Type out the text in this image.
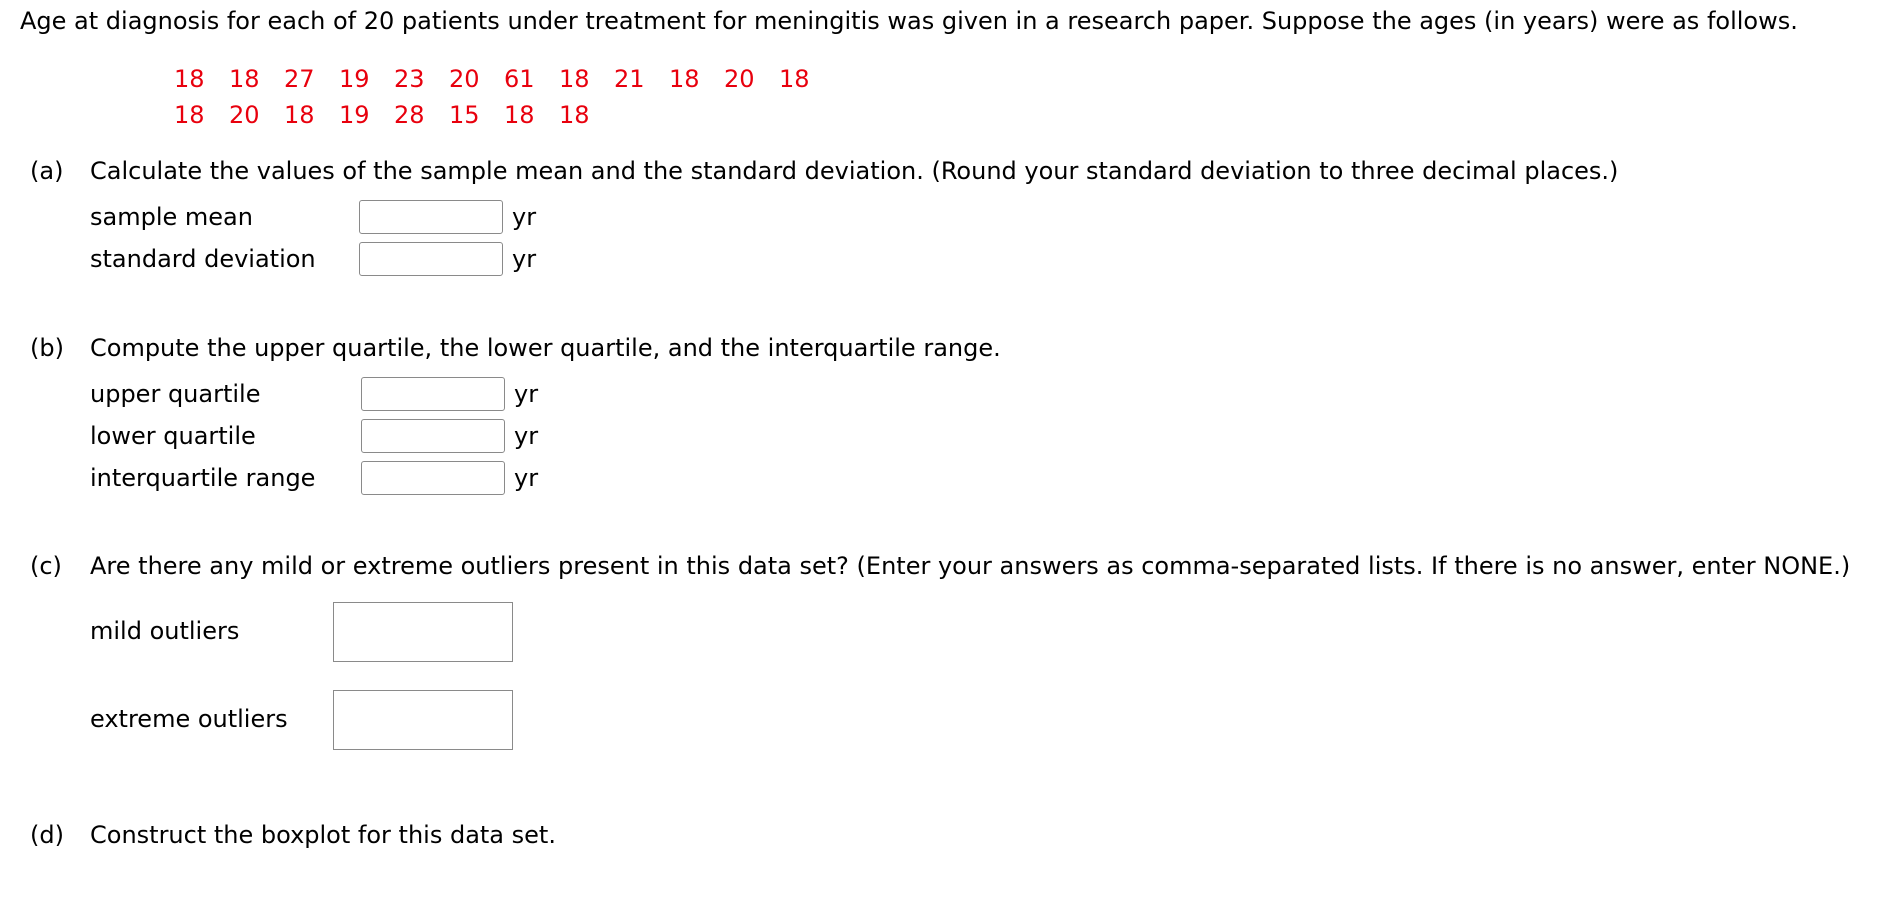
Age at diagnosis for each of 20 patients under treatment for meningitis was given in a research paper. Suppose the ages (in years) were as follows.
18 18 27 19 23 20 61 18 21 18 20 18
18 20 18 19 28 15 18 18
(a) Calculate the values of the sample mean and the standard deviation. (Round your standard deviation to three decimal places.)
sample mean	yr
standard deviation	yr
(b) Compute the upper quartile, the lower quartile, and the interquartile range.
upper quartile	yr
lower quartile	yr
interquartile range	yr
(c) Are there any mild or extreme outliers present in this data set? (Enter your answers as comma-separated lists. If there is no answer, enter NONE.)
mild outliers
extreme outliers
(d) Construct the boxplot for this data set.
